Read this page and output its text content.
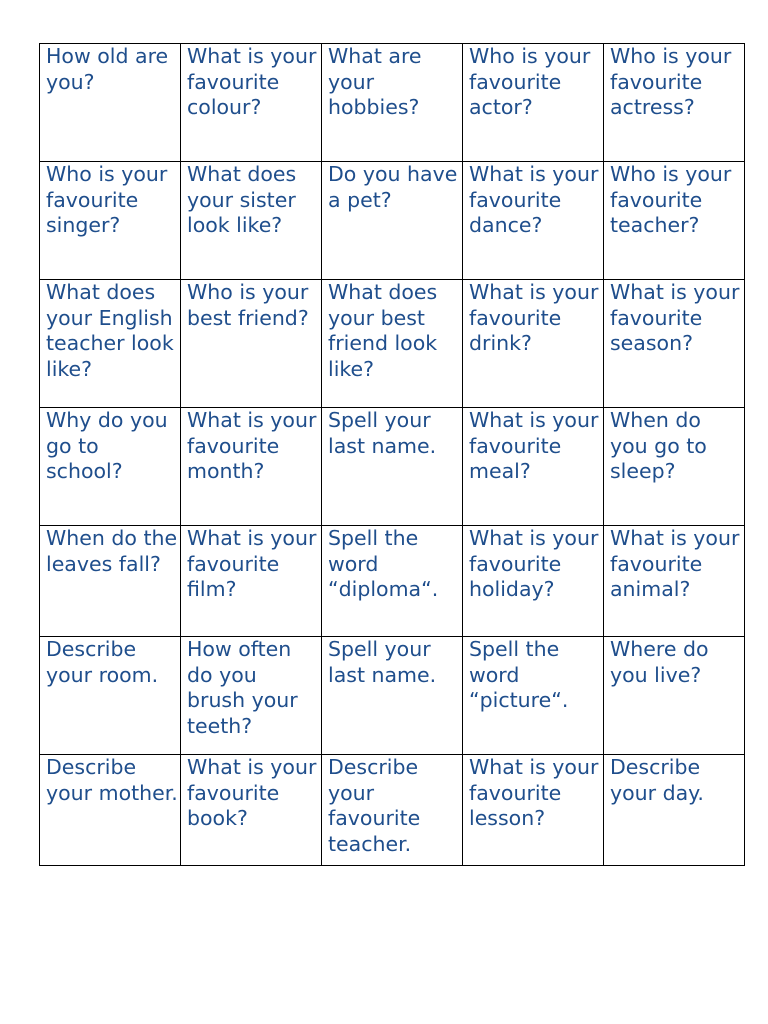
How old are you?	What is your favourite colour?	What are your hobbies?	Who is your favourite actor?	Who is your favourite actress?

Who is your favourite singer?	What does your sister look like?	Do you have a pet?	What is your favourite dance?	Who is your favourite teacher?

What does your English teacher look like?	Who is your best friend?	What does your best friend look like?	What is your favourite drink?	What is your favourite season?

Why do you go to school?	What is your favourite month?	Spell your last name.	What is your favourite meal?	When do you go to sleep?

When do the leaves fall?	What is your favourite film?	Spell the word “diploma“.	What is your favourite holiday?	What is your favourite animal?

Describe your room.	How often do you brush your teeth?	Spell your last name.	Spell the word “picture“.	Where do you live?

Describe your mother.	What is your favourite book?	Describe your favourite teacher.	What is your favourite lesson?	Describe your day.
